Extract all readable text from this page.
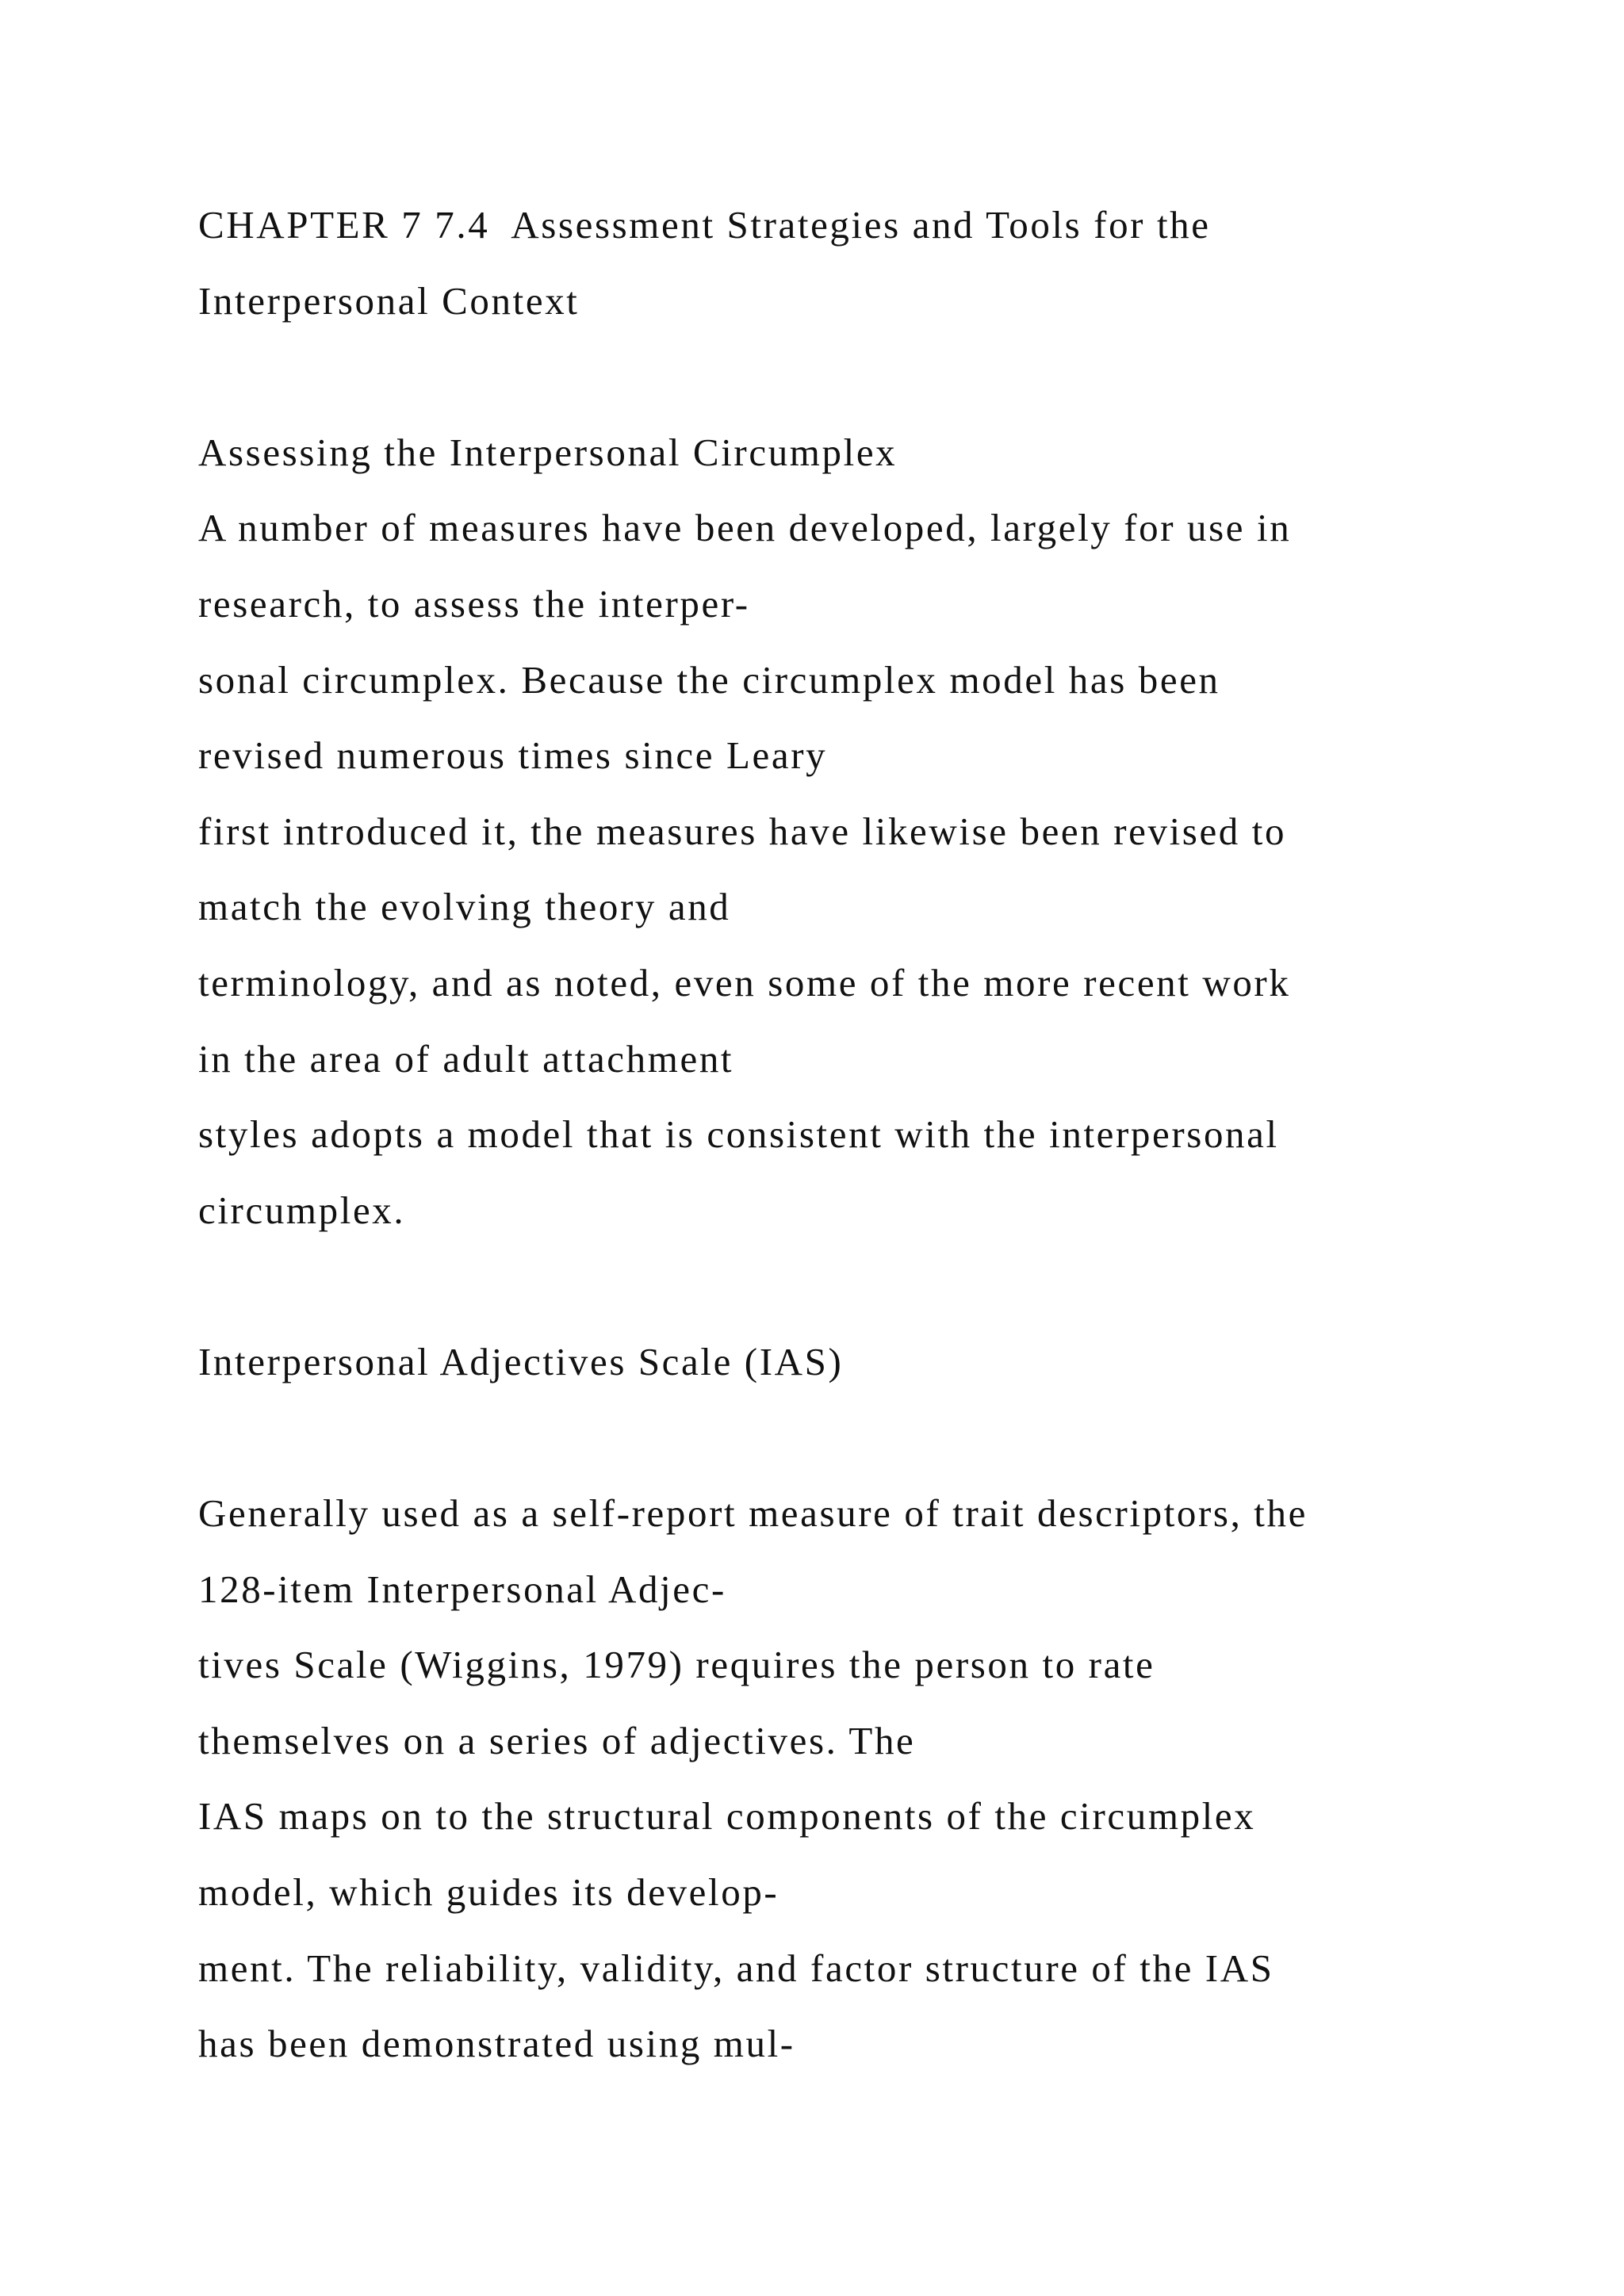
CHAPTER 7 7.4  Assessment Strategies and Tools for the
Interpersonal Context
Assessing the Interpersonal Circumplex
A number of measures have been developed, largely for use in
research, to assess the interper-
sonal circumplex. Because the circumplex model has been
revised numerous times since Leary
first introduced it, the measures have likewise been revised to
match the evolving theory and
terminology, and as noted, even some of the more recent work
in the area of adult attachment
styles adopts a model that is consistent with the interpersonal
circumplex.
Interpersonal Adjectives Scale (IAS)
Generally used as a self-report measure of trait descriptors, the
128-item Interpersonal Adjec-
tives Scale (Wiggins, 1979) requires the person to rate
themselves on a series of adjectives. The
IAS maps on to the structural components of the circumplex
model, which guides its develop-
ment. The reliability, validity, and factor structure of the IAS
has been demonstrated using mul-
